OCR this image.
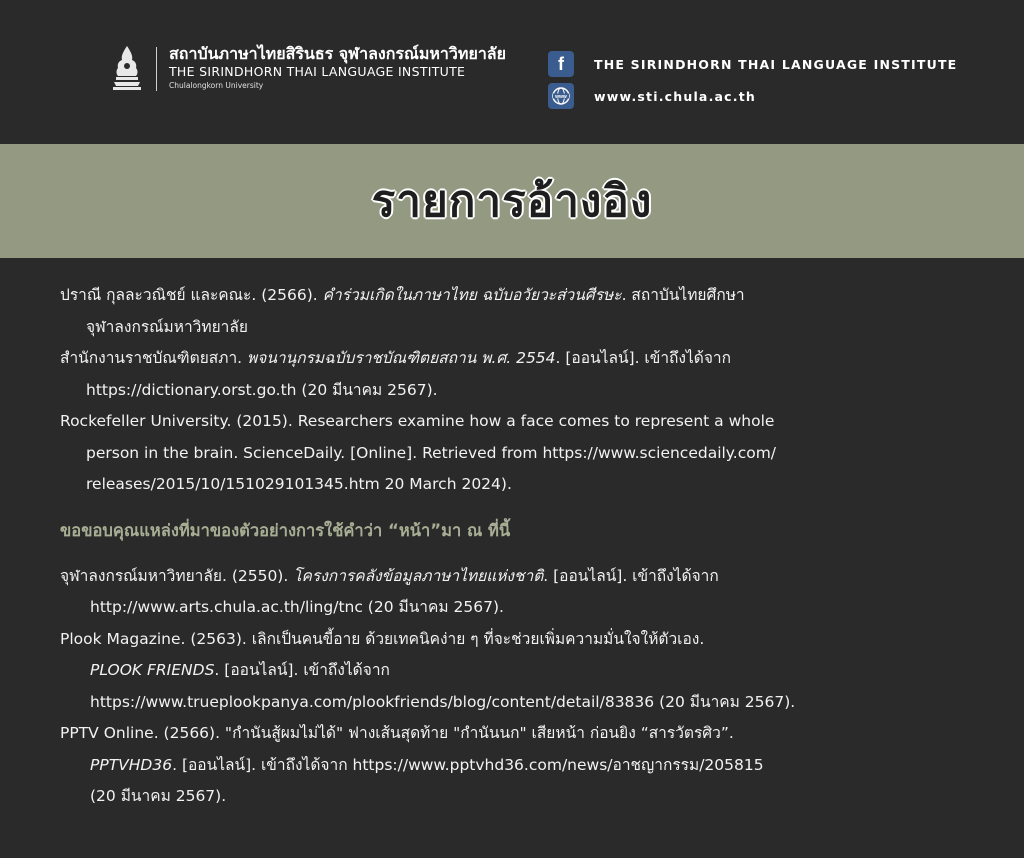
สถาบันภาษาไทยสิรินธร จุฬาลงกรณ์มหาวิทยาลัย
THE SIRINDHORN THAI LANGUAGE INSTITUTE
Chulalongkorn University
f THE SIRINDHORN THAI LANGUAGE INSTITUTE
www www.sti.chula.ac.th
รายการอ้างอิง
ปราณี กุลละวณิชย์ และคณะ. (2566). คำร่วมเกิดในภาษาไทย ฉบับอวัยวะส่วนศีรษะ. สถาบันไทยศึกษา
จุฬาลงกรณ์มหาวิทยาลัย
สำนักงานราชบัณฑิตยสภา. พจนานุกรมฉบับราชบัณฑิตยสถาน พ.ศ. 2554. [ออนไลน์]. เข้าถึงได้จาก
https://dictionary.orst.go.th (20 มีนาคม 2567).
Rockefeller University. (2015). Researchers examine how a face comes to represent a whole
person in the brain. ScienceDaily. [Online]. Retrieved from https://www.sciencedaily.com/
releases/2015/10/151029101345.htm 20 March 2024).
ขอขอบคุณแหล่งที่มาของตัวอย่างการใช้คำว่า “หน้า”มา ณ ที่นี้
จุฬาลงกรณ์มหาวิทยาลัย. (2550). โครงการคลังข้อมูลภาษาไทยแห่งชาติ. [ออนไลน์]. เข้าถึงได้จาก
http://www.arts.chula.ac.th/ling/tnc (20 มีนาคม 2567).
Plook Magazine. (2563). เลิกเป็นคนขี้อาย ด้วยเทคนิคง่าย ๆ ที่จะช่วยเพิ่มความมั่นใจให้ตัวเอง.
PLOOK FRIENDS. [ออนไลน์]. เข้าถึงได้จาก
https://www.trueplookpanya.com/plookfriends/blog/content/detail/83836 (20 มีนาคม 2567).
PPTV Online. (2566). "กำนันสู้ผมไม่ได้" ฟางเส้นสุดท้าย "กำนันนก" เสียหน้า ก่อนยิง “สารวัตรศิว”.
PPTVHD36. [ออนไลน์]. เข้าถึงได้จาก https://www.pptvhd36.com/news/อาชญากรรม/205815
(20 มีนาคม 2567).
